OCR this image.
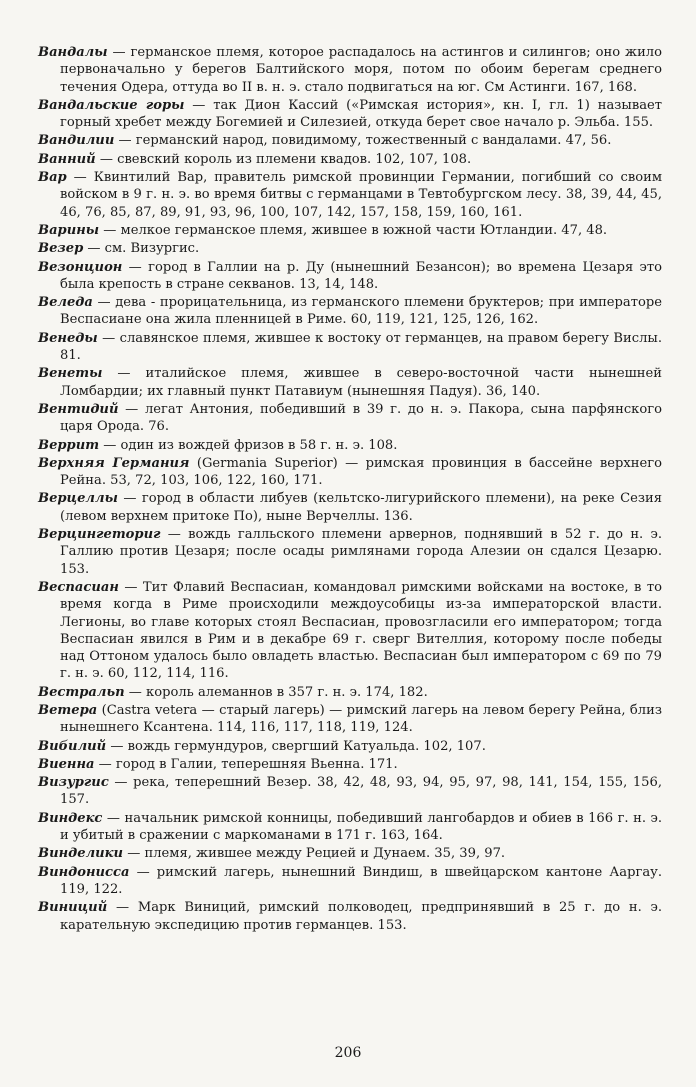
Вандалы — германское племя, которое распадалось на астингов и силингов; оно жило первоначально у берегов Балтийского моря, потом по обоим берегам среднего течения Одера, оттуда во II в. н. э. стало подвигаться на юг. См Астинги. 167, 168.

Вандальские горы — так Дион Кассий («Римская история», кн. I, гл. 1) называет горный хребет между Богемией и Силезией, откуда берет свое начало р. Эльба. 155.

Вандилии — германский народ, повидимому, тожественный с вандалами. 47, 56.

Ванний — свевский король из племени квадов. 102, 107, 108.

Вар — Квинтилий Вар, правитель римской провинции Германии, погибший со своим войском в 9 г. н. э. во время битвы с германцами в Тевтобургском лесу. 38, 39, 44, 45, 46, 76, 85, 87, 89, 91, 93, 96, 100, 107, 142, 157, 158, 159, 160, 161.

Варины — мелкое германское племя, жившее в южной части Ютландии. 47, 48.

Везер — см. Визургис.

Везонцион — город в Галлии на р. Ду (нынешний Безансон); во времена Цезаря это была крепость в стране секванов. 13, 14, 148.

Веледа — дева - прорицательница, из германского племени бруктеров; при императоре Веспасиане она жила пленницей в Риме. 60, 119, 121, 125, 126, 162.

Венеды — славянское племя, жившее к востоку от германцев, на правом берегу Вислы. 81.

Венеты — италийское племя, жившее в северо-восточной части нынешней Ломбардии; их главный пункт Патавиум (нынешняя Падуя). 36, 140.

Вентидий — легат Антония, победивший в 39 г. до н. э. Пакора, сына парфянского царя Орода. 76.

Веррит — один из вождей фризов в 58 г. н. э. 108.

Верхняя Германия (Germania Superior) — римская провинция в бассейне верхнего Рейна. 53, 72, 103, 106, 122, 160, 171.

Верцеллы — город в области либуев (кельтско-лигурийского племени), на реке Сезия (левом верхнем притоке По), ныне Верчеллы. 136.

Верцингеториг — вождь галльского племени арвернов, поднявший в 52 г. до н. э. Галлию против Цезаря; после осады римлянами города Алезии он сдался Цезарю. 153.

Веспасиан — Тит Флавий Веспасиан, командовал римскими войсками на востоке, в то время когда в Риме происходили междоусобицы из-за императорской власти. Легионы, во главе которых стоял Веспасиан, провозгласили его императором; тогда Веспасиан явился в Рим и в декабре 69 г. сверг Вителлия, которому после победы над Оттоном удалось было овладеть властью. Веспасиан был императором с 69 по 79 г. н. э. 60, 112, 114, 116.

Вестральп — король алеманнов в 357 г. н. э. 174, 182.

Ветера (Castra vetera — старый лагерь) — римский лагерь на левом берегу Рейна, близ нынешнего Ксантена. 114, 116, 117, 118, 119, 124.

Вибилий — вождь гермундуров, свергший Катуальда. 102, 107.

Виенна — город в Галии, теперешняя Вьенна. 171.

Визургис — река, теперешний Везер. 38, 42, 48, 93, 94, 95, 97, 98, 141, 154, 155, 156, 157.

Виндекс — начальник римской конницы, победивший лангобардов и обиев в 166 г. н. э. и убитый в сражении с маркоманами в 171 г. 163, 164.

Винделики — племя, жившее между Рецией и Дунаем. 35, 39, 97.

Виндонисса — римский лагерь, нынешний Виндиш, в швейцарском кантоне Ааргау. 119, 122.

Виниций — Марк Виниций, римский полководец, предпринявший в 25 г. до н. э. карательную экспедицию против германцев. 153.

206
